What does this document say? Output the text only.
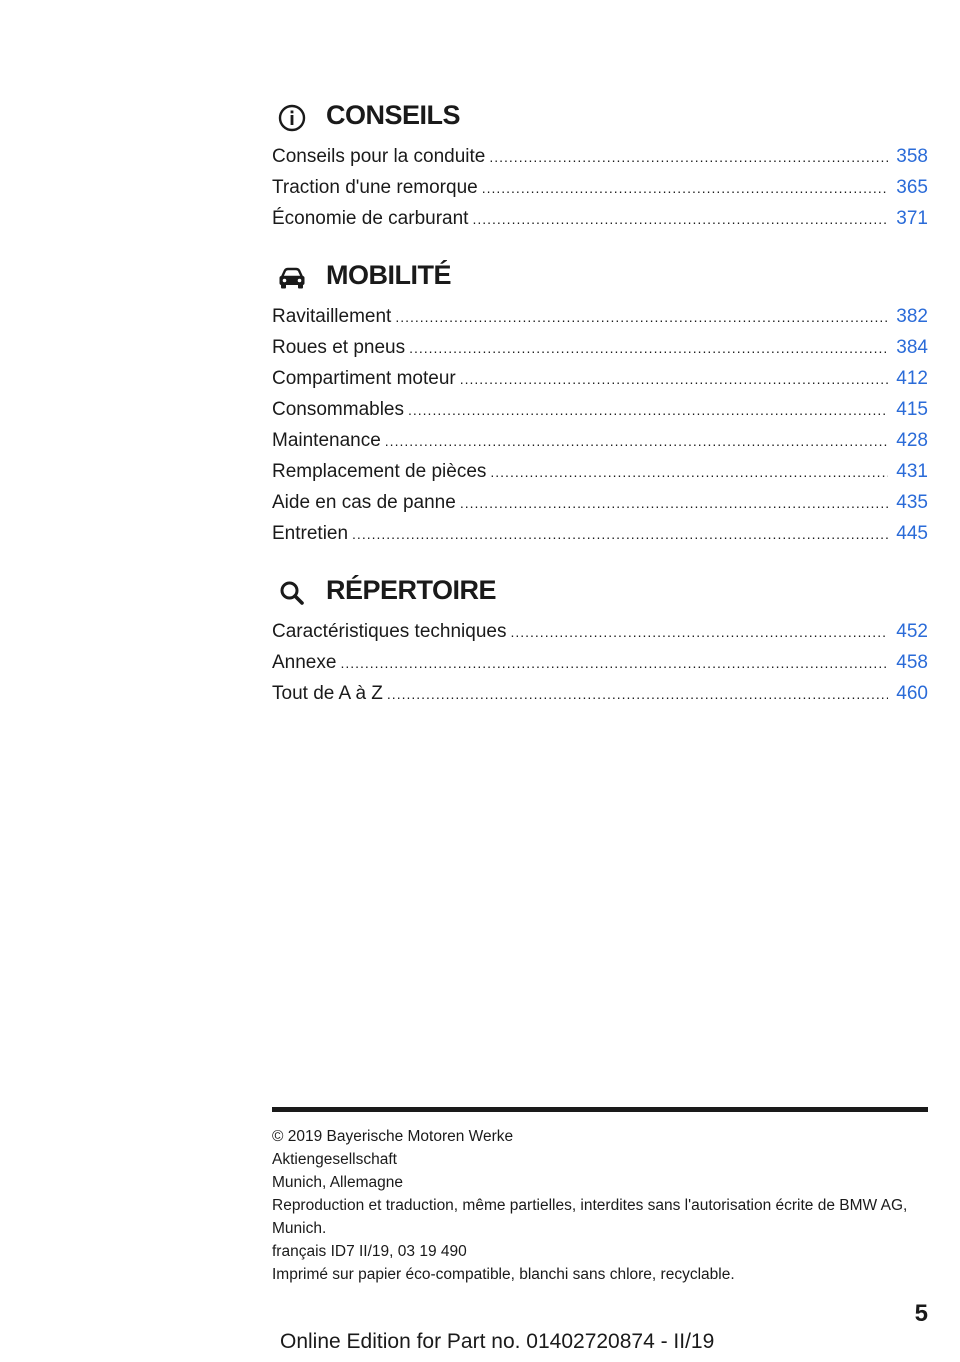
CONSEILS
Conseils pour la conduite .....	358
Traction d'une remorque .....	365
Économie de carburant .....	371
MOBILITÉ
Ravitaillement .....	382
Roues et pneus .....	384
Compartiment moteur .....	412
Consommables .....	415
Maintenance .....	428
Remplacement de pièces .....	431
Aide en cas de panne .....	435
Entretien .....	445
RÉPERTOIRE
Caractéristiques techniques .....	452
Annexe .....	458
Tout de A à Z .....	460

© 2019 Bayerische Motoren Werke

Aktiengesellschaft

Munich, Allemagne

Reproduction et traduction, même partielles, interdites sans l'autorisation écrite de BMW AG, Munich.

français ID7 II/19, 03 19 490

Imprimé sur papier éco-compatible, blanchi sans chlore, recyclable.

5
Online Edition for Part no. 01402720874 - II/19
